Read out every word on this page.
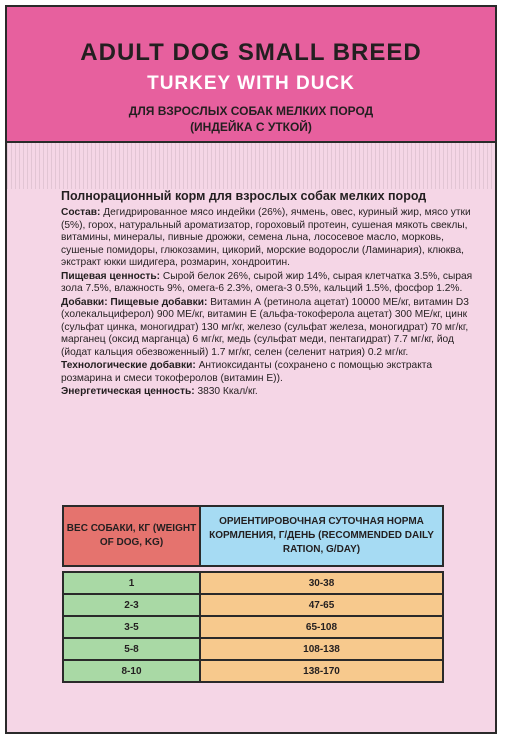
ADULT DOG SMALL BREED
TURKEY WITH DUCK
ДЛЯ ВЗРОСЛЫХ СОБАК МЕЛКИХ ПОРОД
(ИНДЕЙКА С УТКОЙ)
Полнорационный корм для взрослых собак мелких пород
Состав: Дегидрированное мясо индейки (26%), ячмень, овес, куриный жир, мясо утки (5%), горох, натуральный ароматизатор, гороховый протеин, сушеная мякоть свеклы, витамины, минералы, пивные дрожжи, семена льна, лососевое масло, морковь, сушеные помидоры, глюкозамин, цикорий, морские водоросли (Ламинария), клюква, экстракт юкки шидигера, розмарин, хондроитин.
Пищевая ценность: Сырой белок 26%, сырой жир 14%, сырая клетчатка 3.5%, сырая зола 7.5%, влажность 9%, омега-6 2.3%, омега-3 0.5%, кальций 1.5%, фосфор 1.2%.
Добавки: Пищевые добавки: Витамин А (ретинола ацетат) 10000 МЕ/кг, витамин D3 (холекальциферол) 900 МЕ/кг, витамин Е (альфа-токоферола ацетат) 300 МЕ/кг, цинк (сульфат цинка, моногидрат) 130 мг/кг, железо (сульфат железа, моногидрат) 70 мг/кг, марганец (оксид марганца) 6 мг/кг, медь (сульфат меди, пентагидрат) 7.7 мг/кг, йод (йодат кальция обезвоженный) 1.7 мг/кг, селен (селенит натрия) 0.2 мг/кг.
Технологические добавки: Антиоксиданты (сохранено с помощью экстракта розмарина и смеси токоферолов (витамин Е)).
Энергетическая ценность: 3830 Ккал/кг.
ВЕС СОБАКИ, КГ (WEIGHT OF DOG, KG)	ОРИЕНТИРОВОЧНАЯ СУТОЧНАЯ НОРМА КОРМЛЕНИЯ, Г/ДЕНЬ (RECOMMENDED DAILY RATION, G/DAY)

1	30-38
2-3	47-65
3-5	65-108
5-8	108-138
8-10	138-170
